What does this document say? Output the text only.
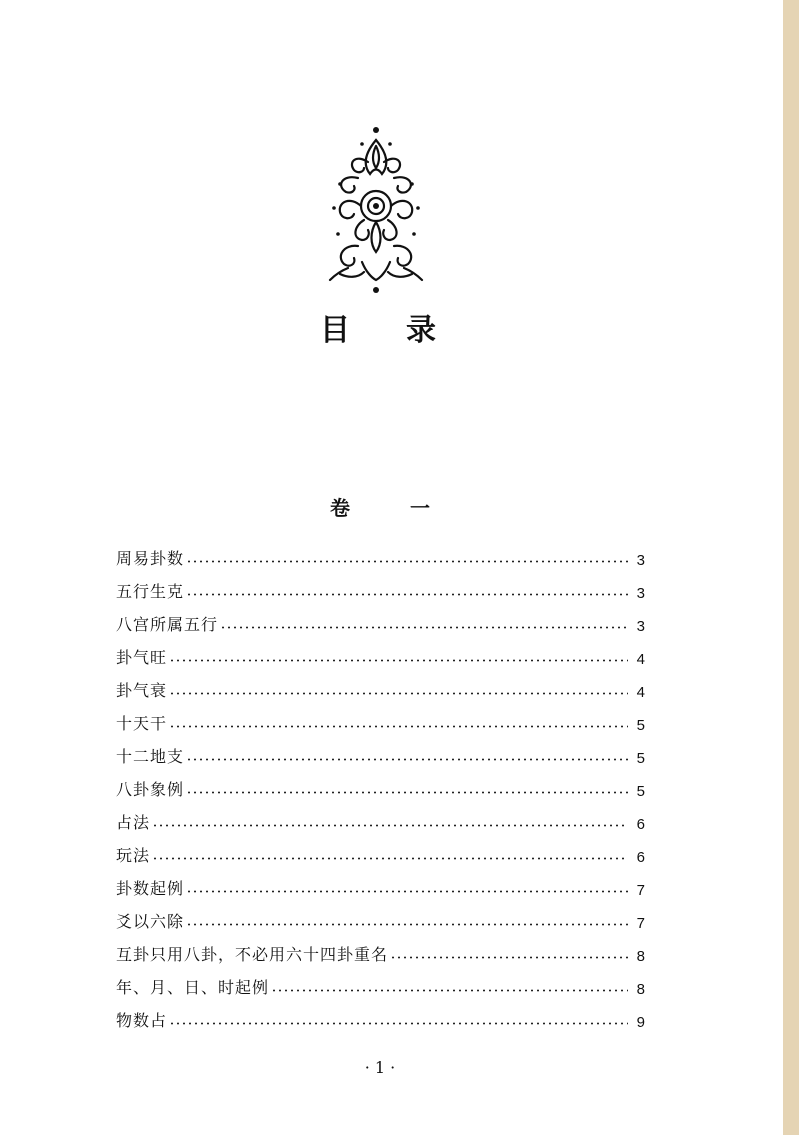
目 录
卷	一
周易卦数	3
五行生克	3
八宫所属五行	3
卦气旺	4
卦气衰	4
十天干	5
十二地支	5
八卦象例	5
占法	6
玩法	6
卦数起例	7
爻以六除	7
互卦只用八卦，不必用六十四卦重名	8
年、月、日、时起例	8
物数占	9
· 1 ·
